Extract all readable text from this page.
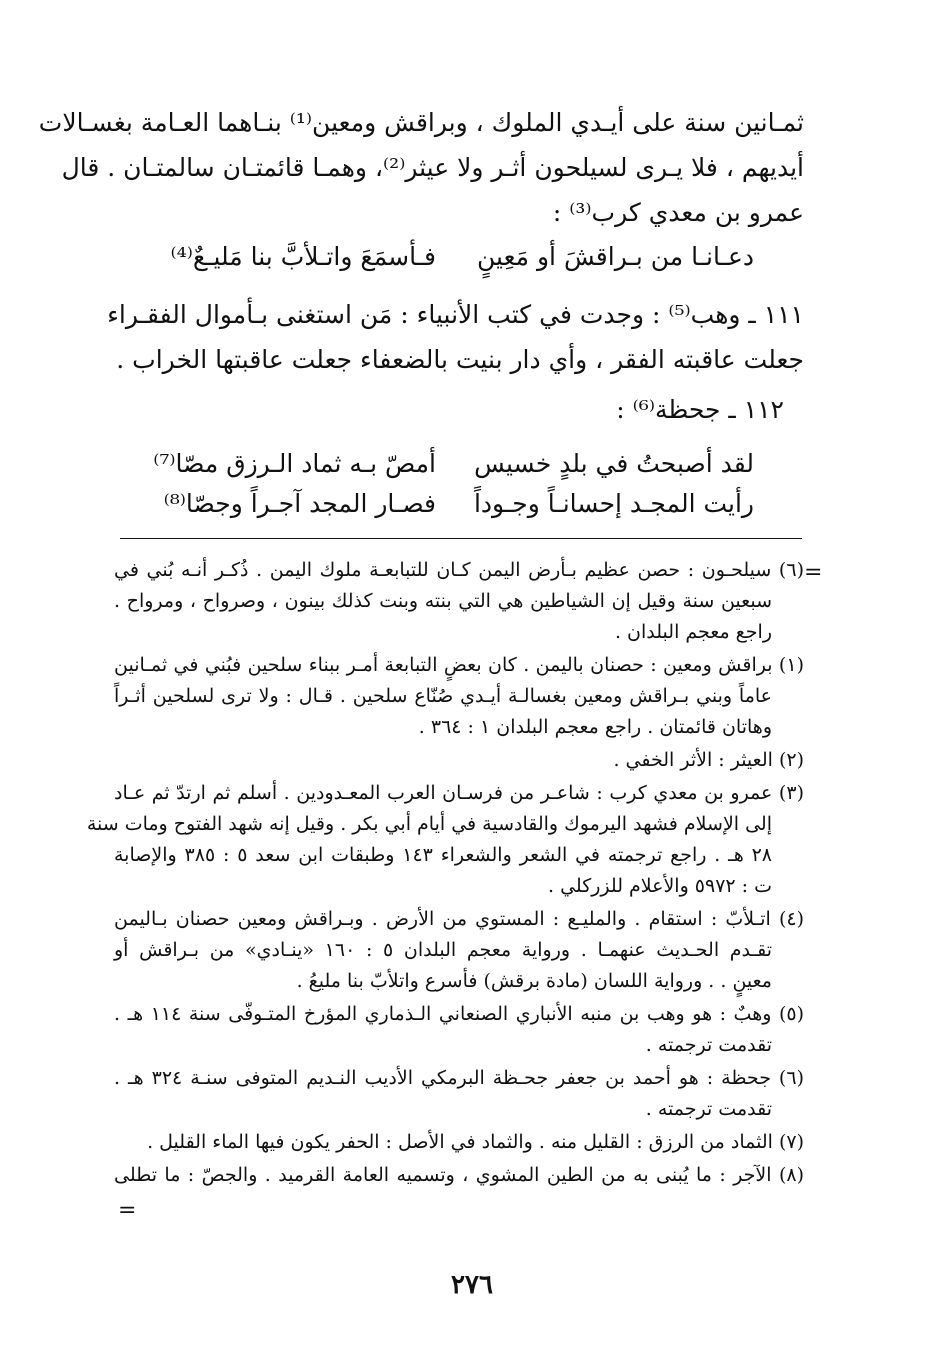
ثمـانين سنة على أيـدي الملوك ، وبراقش ومعين⁽¹⁾ بنـاهما العـامة بغسـالات
أيديهم ، فلا يـرى لسيلحون أثـر ولا عيثر⁽²⁾، وهمـا قائمتـان سالمتـان . قال
عمرو بن معدي كرب⁽³⁾ :
دعـانـا من بـراقشَ أو مَعِينٍ
فـأسمَعَ واتـلأبَّ بنا مَليـعٌ⁽⁴⁾
١١١ ـ وهب⁽⁵⁾ : وجدت في كتب الأنبياء : مَن استغنى بـأموال الفقـراء
جعلت عاقبته الفقر ، وأي دار بنيت بالضعفاء جعلت عاقبتها الخراب .
١١٢ ـ جحظة⁽⁶⁾ :
لقد أصبحتُ في بلدٍ خسيس
أمصّ بـه ثماد الـرزق مصّا⁽⁷⁾
رأيت المجـد إحسانـاً وجـوداً
فصـار المجد آجـراً وجصّا⁽⁸⁾
=
(٦) سيلحـون : حصن عظيم بـأرض اليمن كـان للتبابعـة ملوك اليمن . ذُكـر أنـه بُني في
سبعين سنة وقيل إن الشياطين هي التي بنته وبنت كذلك بينون ، وصرواح ، ومرواح .
راجع معجم البلدان .
(١) براقش ومعين : حصنان باليمن . كان بعضٍ التبابعة أمـر ببناء سلحين فبُني في ثمـانين
عاماً وبني بـراقش ومعين بغسالـة أيـدي صُنّاع سلحين . قـال : ولا ترى لسلحين أثـراً
وهاتان قائمتان . راجع معجم البلدان ١ : ٣٦٤ .
(٢) العيثر : الأثر الخفي .
(٣) عمرو بن معدي كرب : شاعـر من فرسـان العرب المعـدودين . أسلم ثم ارتدّ ثم عـاد
إلى الإسلام فشهد اليرموك والقادسية في أيام أبي بكر . وقيل إنه شهد الفتوح ومات سنة
٢٨ هـ . راجع ترجمته في الشعر والشعراء ١٤٣ وطبقات ابن سعد ٥ : ٣٨٥ والإصابة
ت : ٥٩٧٢ والأعلام للزركلي .
(٤) اتـلأبّ : استقام . والمليـع : المستوي من الأرض . وبـراقش ومعين حصنان بـاليمن
تقـدم الحـديث عنهمـا . ورواية معجم البلدان ٥ : ١٦٠ «ينـادي» من بـراقش أو
معينٍ . . ورواية اللسان (مادة برقش) فأسرع واتلأبّ بنا مليعُ .
(٥) وهبٌ : هو وهب بن منبه الأنباري الصنعاني الـذماري المؤرخ المتـوفّى سنة ١١٤ هـ .
تقدمت ترجمته .
(٦) جحظة : هو أحمد بن جعفر جحـظة البرمكي الأديب النـديم المتوفى سنـة ٣٢٤ هـ .
تقدمت ترجمته .
(٧) الثماد من الرزق : القليل منه . والثماد في الأصل : الحفر يكون فيها الماء القليل .
(٨) الآجر : ما يُبنى به من الطين المشوي ، وتسميه العامة القرميد . والجصّ : ما تطلى
=
٢٧٦
